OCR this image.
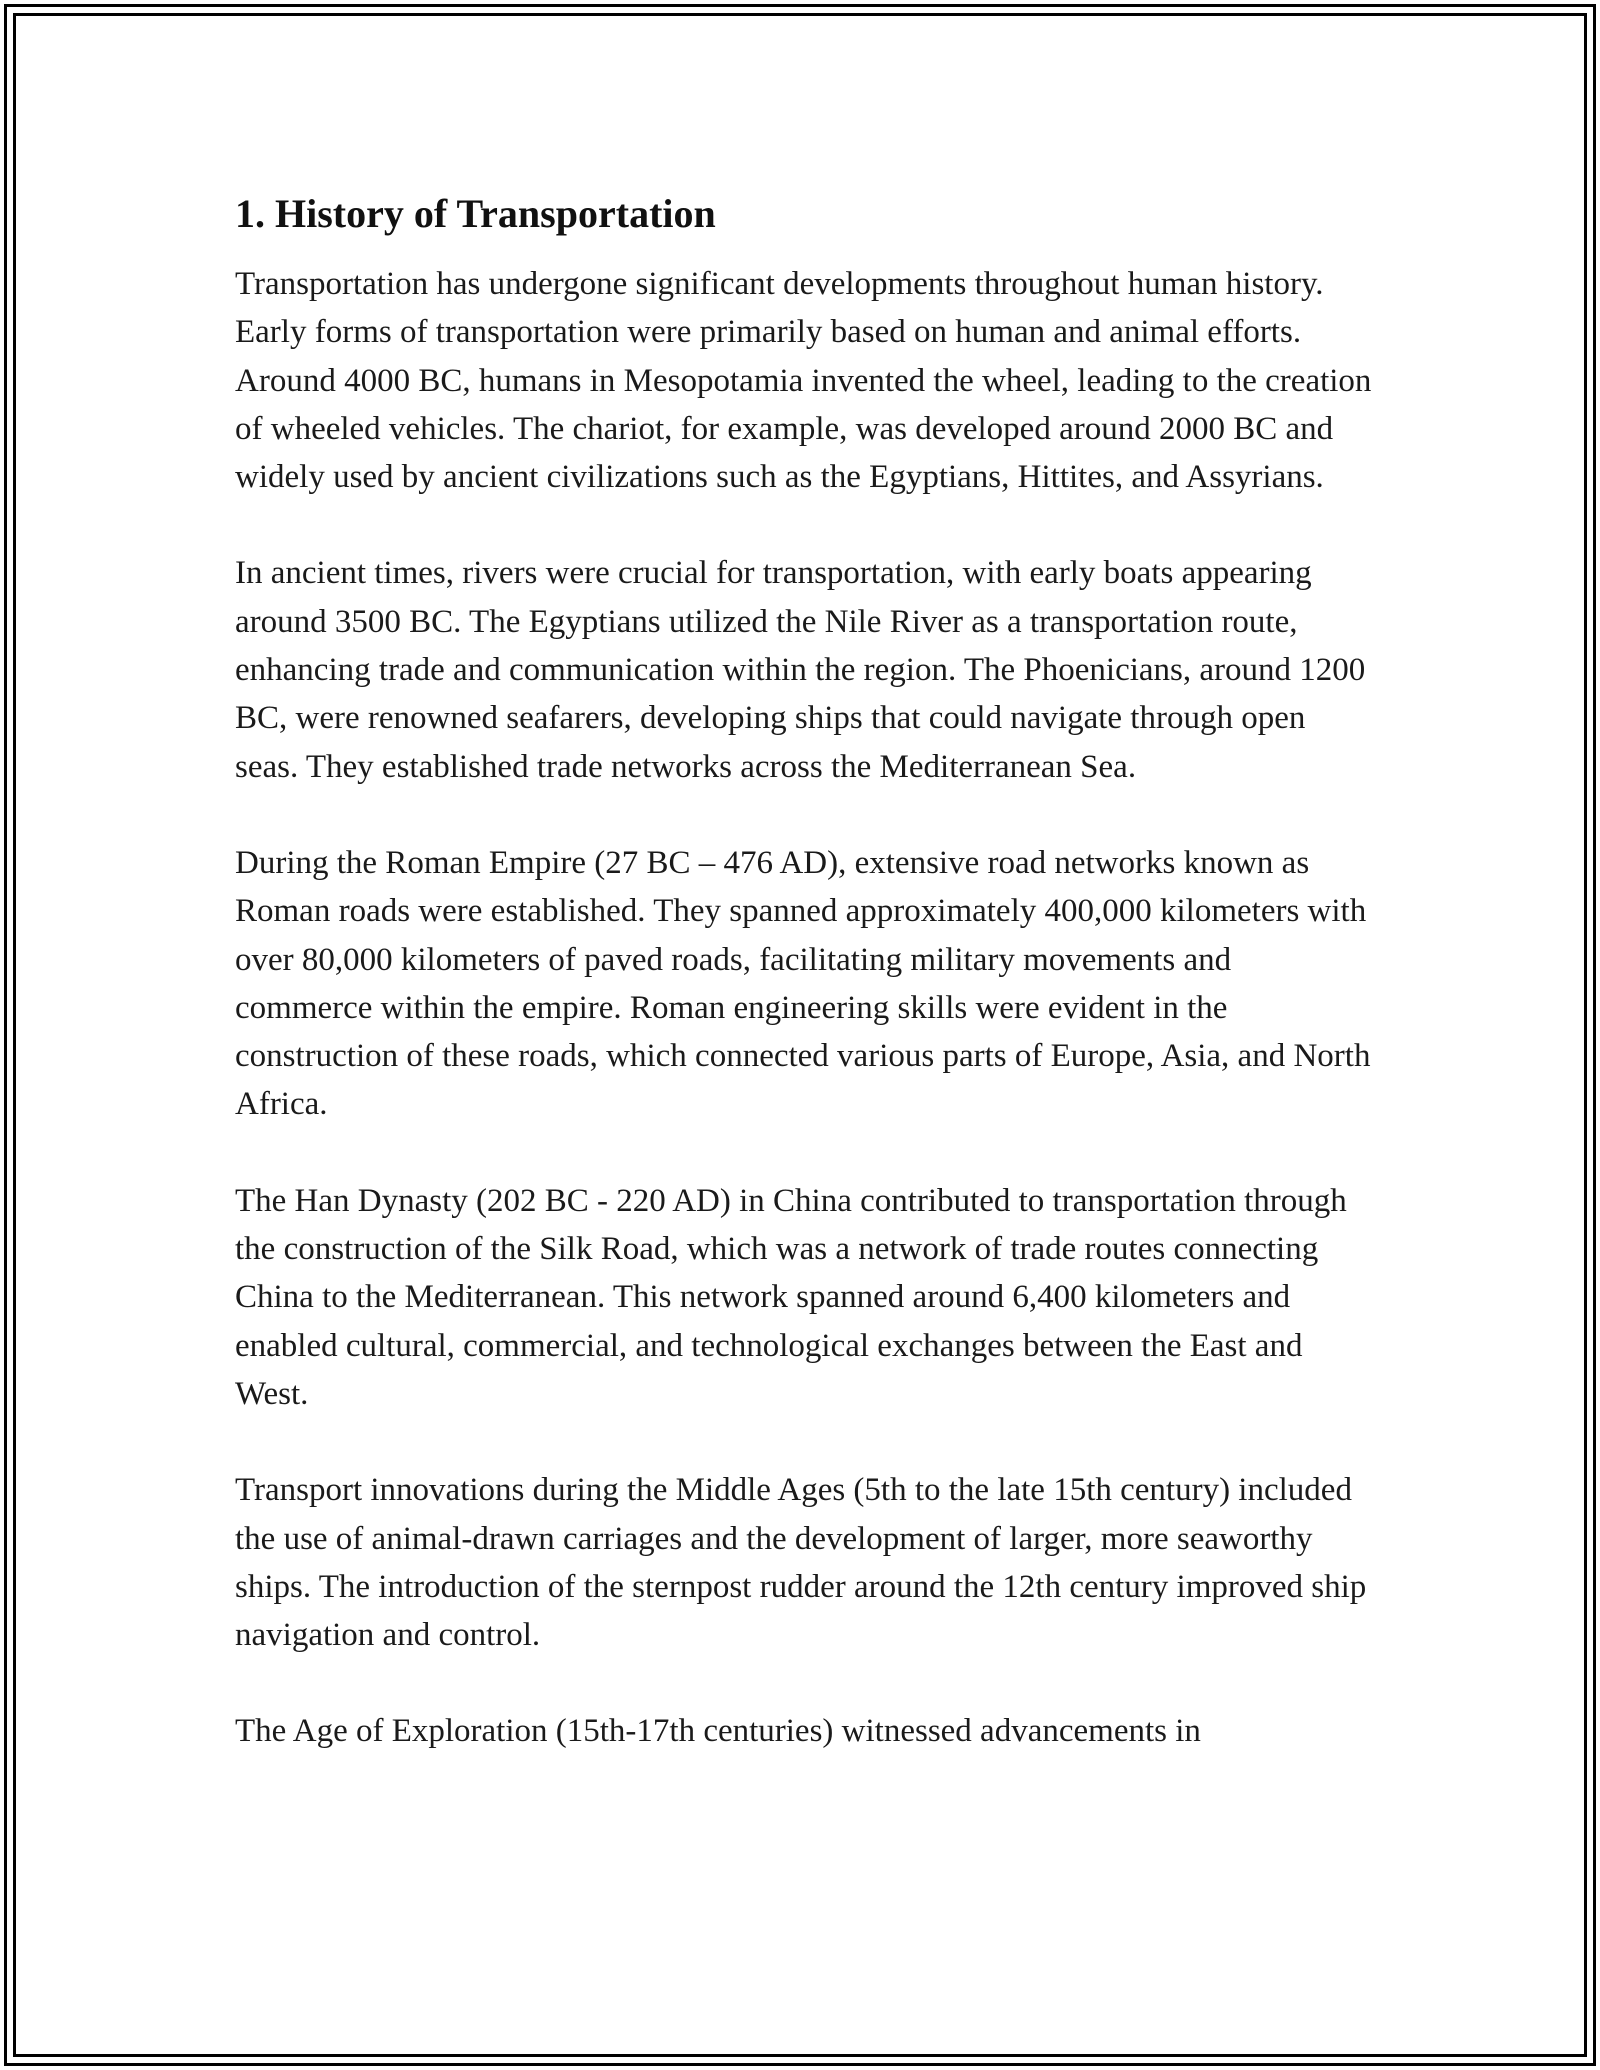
1. History of Transportation

Transportation has undergone significant developments throughout human history. Early forms of transportation were primarily based on human and animal efforts. Around 4000 BC, humans in Mesopotamia invented the wheel, leading to the creation of wheeled vehicles. The chariot, for example, was developed around 2000 BC and widely used by ancient civilizations such as the Egyptians, Hittites, and Assyrians.

In ancient times, rivers were crucial for transportation, with early boats appearing around 3500 BC. The Egyptians utilized the Nile River as a transportation route, enhancing trade and communication within the region. The Phoenicians, around 1200 BC, were renowned seafarers, developing ships that could navigate through open seas. They established trade networks across the Mediterranean Sea.

During the Roman Empire (27 BC – 476 AD), extensive road networks known as Roman roads were established. They spanned approximately 400,000 kilometers with over 80,000 kilometers of paved roads, facilitating military movements and commerce within the empire. Roman engineering skills were evident in the construction of these roads, which connected various parts of Europe, Asia, and North Africa.

The Han Dynasty (202 BC - 220 AD) in China contributed to transportation through the construction of the Silk Road, which was a network of trade routes connecting China to the Mediterranean. This network spanned around 6,400 kilometers and enabled cultural, commercial, and technological exchanges between the East and West.

Transport innovations during the Middle Ages (5th to the late 15th century) included the use of animal-drawn carriages and the development of larger, more seaworthy ships. The introduction of the sternpost rudder around the 12th century improved ship navigation and control.

The Age of Exploration (15th-17th centuries) witnessed advancements in
